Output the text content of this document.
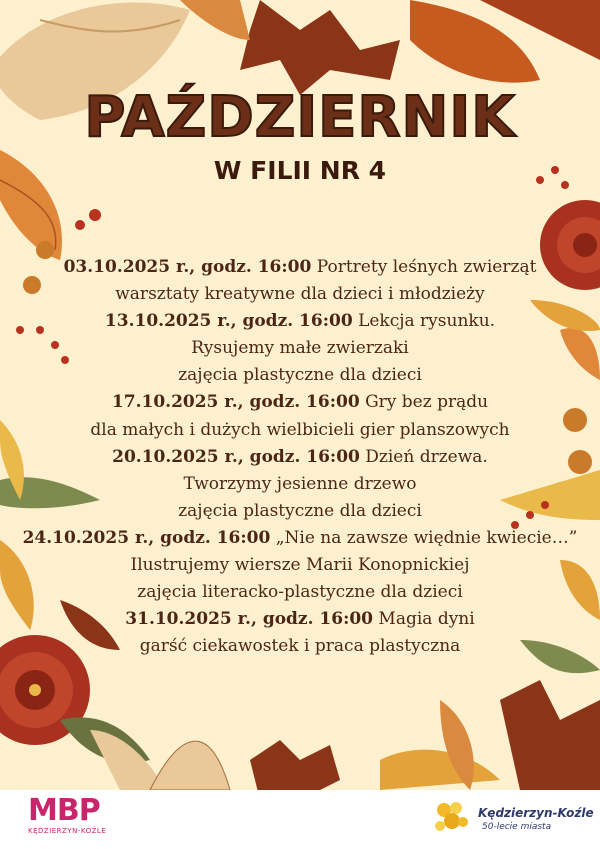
PAŹDZIERNIK
W FILII NR 4
03.10.2025 r., godz. 16:00 Portrety leśnych zwierząt
warsztaty kreatywne dla dzieci i młodzieży
13.10.2025 r., godz. 16:00 Lekcja rysunku.
Rysujemy małe zwierzaki
zajęcia plastyczne dla dzieci
17.10.2025 r., godz. 16:00 Gry bez prądu
dla małych i dużych wielbicieli gier planszowych
20.10.2025 r., godz. 16:00 Dzień drzewa.
Tworzymy jesienne drzewo
zajęcia plastyczne dla dzieci
24.10.2025 r., godz. 16:00 „Nie na zawsze więdnie kwiecie…”
Ilustrujemy wiersze Marii Konopnickiej
zajęcia literacko-plastyczne dla dzieci
31.10.2025 r., godz. 16:00 Magia dyni
garść ciekawostek i praca plastyczna
MBP
KĘDZIERZYN-KOŹLE
Kędzierzyn-Koźle
50-lecie miasta
